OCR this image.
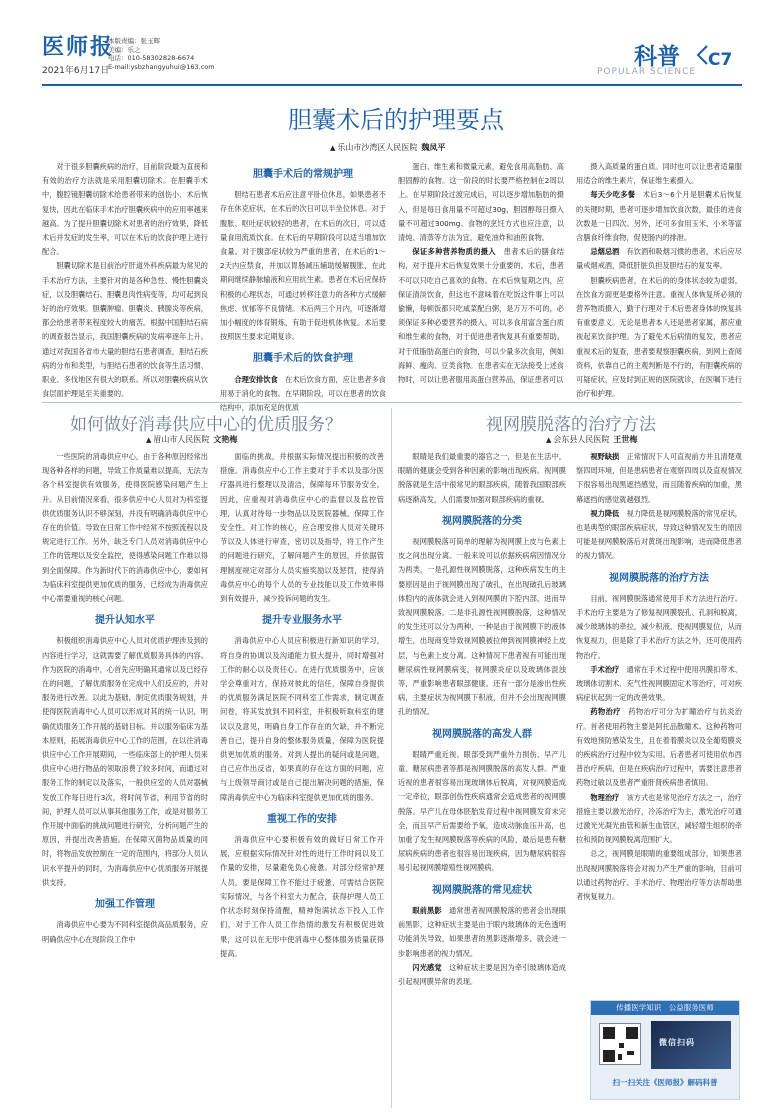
医师报
2021年6月17日
本版责编：张玉辉
美编：乐之
电话：010-58302828-6674
E-mail:ysbzhangyuhui@163.com	科普 C7
POPULAR SCIENCE
胆囊术后的护理要点
▲ 乐山市沙湾区人民医院 魏凤平

对于很多胆囊疾病的治疗，目前阶段最为直接和有效的治疗方法就是采用胆囊切除术。在胆囊手术中，腹腔镜胆囊切除术给患者带来的创伤小、术后恢复快，因此在临床手术治疗胆囊疾病中的应用率越来越高。为了提升胆囊切除术对患者的治疗效果，降低术后并发症的发生率，可以在术后的饮食护理上进行配合。

胆囊切除术是目前治疗肝道外科疾病最为常见的手术治疗方法，主要针对的是各种急性、慢性胆囊炎症，以及胆囊结石、胆囊息肉性病变等，均可起到良好的治疗效果。胆囊肿瘤、胆囊炎、胰腺炎等疾病，都会给患者带来程度较大的痛苦。根据中国胆结石病的调查报告显示，我国胆囊疾病的发病率逐年上升。通过对我国各省市大量的胆结石患者调查，胆结石疾病的分布和类型，与胆结石患者的饮食等生活习惯、职业、多伐地区有很大的联系。所以对胆囊疾病从饮食层面护理是至关重要的。

胆囊手术后的常规护理

胆结石患者术后应注意平卧位休息，如果患者不存在休克症状，在术后的次日可以半坐位休息。对于腹胀、呕吐症状较轻的患者，在术后的次日，可以适量食用流质饮食。在术后的早期阶段可以适当增加饮食量。对于腹部症状较为严重的患者，在术后的1～2天内应禁食，并加以胃肠减压辅助缓解腹胀，在此期间继续静脉输液和应用抗生素。患者在术后应保持积极的心理状态，可通过转移注意力的各种方式缓解焦虑、忧郁等不良情绪。术后两三个月内，可逐渐增加小幅度的体育锻炼，有助于促进机体恢复。术后要按照医生要求定期复诊。

胆囊手术后的饮食护理

合理安排饮食　在术后饮食方面，应让患者多食用易于消化的食物。在早期阶段，可以在患者的饮食结构中，添加充足的优质

蛋白、维生素和微量元素，避免食用高脂肪、高胆固醇的食物。这一阶段的时长要严格控制在2周以上。在早期阶段过渡完成后，可以逐步增加脂肪的摄入，但是每日食用量不可超过30g，胆固醇每日摄入量不可超过300mg。食物的烹饪方式也应注意，以清炖、清蒸等方法为宜，避免油炸和油煎食物。

保证多种营养物质的摄入　患者术后的膳食结构，对于提升术后恢复效果十分重要的。术后，患者不可以只吃自己喜欢的食物。在术后恢复期之内，应保证清淡饮食，但这也不意味着在吃饭这件事上可以偷懒，每顿饭都只吃咸菜配白粥，是万万不可的，必须保证多种必要营养的摄入。可以多食用富含蛋白质和维生素的食物，对于促进患者恢复具有重要帮助。对于低脂肪高蛋白的食物，可以少量多次食用，例如海鲜、瘦肉、豆类食物。在患者实在无法接受上述食物时，可以让患者服用高蛋白营养品，保证患者可以

摄入高质量的蛋白质。同时也可以让患者适量服用适合的维生素片，保证维生素摄入。

每天少吃多餐　术后3～6个月是胆囊术后恢复的关键时期，患者可逐步增加饮食次数，最佳的进食次数是一日四次。另外，还可多食用玉米、小米等富含膳食纤维食物，促使肠内的排泄。

忌烟忌酒　有饮酒和吸烟习惯的患者，术后应尽量戒烟戒酒，降低肝脏负担及胆结石的复发率。

胆囊疾病患者，在术后的的身体状态较为虚弱，在饮食方面更是要格外注意。重视人体恢复所必须的营养物质摄入，勤于行理对于术后患者身体的恢复具有重要意义。无论是患者本人还是患者家属，都应重视起来饮食护理。为了避免术后病情的复发，患者应重视术后的复查，患者要观察胆囊疾病，到网上查阅资料，依靠自己的主观判断是不行的，有胆囊疾病的可疑症状，应及时到正规的医院就诊，在医嘱下进行治疗和护理。

如何做好消毒供应中心的优质服务？
▲ 眉山市人民医院 文艳梅

一些医院的消毒供应中心，由于各种原因经常出现各种各样的问题，导致工作质量难以提高，无法为各个科室提供有效服务，使得医院感染问题产生上升。从目前情况来看，很多供应中心人员对为科室提供优质服务认识不够深刻，并没有明确消毒供应中心存在的价值。导致在日常工作中经常不按照流程以及规定进行工作。另外，缺乏专门人员对消毒供应中心工作的管理以及安全监控，使得感染问题工作难以得到全面保障。作为新时代下的消毒供应中心，要如何为临床科室提供更加优质的服务，已经成为消毒供应中心需要重视的核心问题。

提升认知水平

积极组织消毒供应中心人员对优质护理涉及到的内容进行学习，这就需要了解优质服务具体的内容。作为医院的消毒中，心首先应明确其通常以及已经存在的问题，了解优质服务在完成中人们反应的，并对服务进行改善。以此为基础，制定优质服务规划，并使得医院消毒中心人员可以形成对其的统一认识，明确优质服务工作开展的基础目标。并以服务临床为基本原则，拓展消毒供应中心工作的范围，在以往消毒供应中心工作开展期间，一些临床部上的护理人员来供应中心进行物品的领取浪费了较多时间，而通过对服务工作的制定以及落实，一般供应室的人员对器械发放工作每日进行3次，将时间节省，利用节省的时间，护理人员可以从事其他服务工作，或是对服务工作开展中面临的挑战问题进行研究，分析问题产生的原因，并提出改善措施。在保障灭菌物品质量的同时，将物品发放控制在一定的范围内，将部分人员认识水平提升的同时，为消毒供应中心优质服务开展提供支持。

加强工作管理

消毒供应中心要为不同科室提供高品质服务，应明确供应中心在现阶段工作中

面临的挑战，并根据实际情况提出积极的改善措施。消毒供应中心工作主要对于手术以及部分医疗器具进行整理以及清洁，保障每环节服务安全。因此，应重视对消毒供应中心的监督以及监控管理，认真对待每一步物品以及医院器械，保障工作安全性。对工作的核心，应合理安排人员对关键环节以及人体进行审查，密切以及指导，将工作产生的问题进行研究，了解问题产生的原因，并依据管理制度规定对部分人员实施奖励以及惩罚，使得消毒供应中心的每个人员的专业技能以及工作效率得到有效提升，减少投诉问题的发生。

提升专业服务水平

消毒供应中心人员应积极进行新知识的学习，将自身的协调以及沟通能力很大提升，同时增强对工作的耐心以及责任心。在进行优质服务中，应该学会尊重对方，保持对彼此的信任，保障自身提供的优质服务满足医院不同科室工作需求，制定调查问卷，将其发放到不同科室，并积极听取科室的建议以及意见，明确自身工作存在的欠缺，并不断完善自己，提升自身的整体服务质量，保障为医院提供更加优质的服务。对到人提出的疑问或是问题，自己应作出反省，如果真的存在这方面的问题，应与上级领导商讨或是自己提出解决问题的措施，保障消毒供应中心为临床科室提供更加优质的服务。

重视工作的安排

消毒供应中心要积极有效的做好日常工作开展，应根据实际情况针对性的进行工作时间以及工作量的安排，尽量避免负心疲惫。对部分经常护理人员，要是保障工作不能过于疲惫，可需结合医院实际情况，与各个科室大力配合，获得护理人员工作状态时刻保持清醒，精神饱满状态下投入工作们，对于工作人员工作热情的激发有积极促进效果，这可以在无形中使消毒中心整体服务质量获得提高。

视网膜脱落的治疗方法
▲ 会东县人民医院 王世梅

眼睛是我们最重要的器官之一，但是在生活中，眼睛的健康会受到各种因素的影响出现疾病。视网膜脱落就是生活中很常见的眼部疾病，随着我国眼部疾病逐渐高发，人们需要加强对眼部疾病的重视。

视网膜脱落的分类

视网膜脱落可简单的理解为视网膜上皮与色素上皮之间出现分离。一般来说可以依据疾病病因情况分为两类，一是孔源性视网膜脱落，这种疾病发生的主要原因是由于视网膜出现了破孔，在出现破孔后玻璃体腔内的液体就会进入到视网膜的下腔内部，进而导致视网膜脱落。二是非孔源性视网膜脱落，这种情况的发生还可以分为两种，一种是由于视网膜下的液体增生，出现商变导致视网膜被拉伸到视网膜神经上皮层，与色素上皮分离。这种情况下患者视有可能出现糖尿病性视网膜病变，视网膜炎症以及玻璃体混浊等，严重影响患者眼部健康。还有一部分是渗出性疾病，主要症状为视网膜下积液，但并不会出现视网膜孔的情况。

视网膜脱落的高发人群

眼睛严重近视、眼部受到严重外力损伤、早产儿童、糖尿病患者等都是视网膜脱落的高发人群。严重近视的患者很容易出现玻璃体后脱离，对视网膜造成一定牵拉，眼部创伤性疾病通常会造成患者的视网膜脱落。早产儿在母体胚胎发育过程中视网膜发育未完全，而且早产后需要给予氧，造成动脉血压升高，也加重了发生视网膜脱落等疾病的风险，最后是患有糖尿病疾病的患者也很容易出现疾病，因为糖尿病很容易引起视网膜增殖性视网膜病。

视网膜脱落的常见症状

眼前黑影　通常患者视网膜脱落的患者会出现眼前黑影，这种症状主要是由于眼内玻璃体的无色透明功能消失导致，如果患者的黑影逐渐增多，就会进一步影响患者的视力情况。

闪光感觉　这种症状主要是因为牵引玻璃体造成引起视网膜异常的表现。

视野缺损　正常情况下人可直视前方并且清楚观察四周环境，但是患病患者在观察四周以及直视情况下很容易出现黑遮挡感觉，而且随着疾病的加重，黑幕遮挡的感觉就越强烈。

视力降低　视力降低是视网膜脱落的常见症状，也是典型的眼部疾病症状，导致这种情况发生的原因可能是视网膜脱落后对黄斑出现影响，进而降低患者的视力情况。

视网膜脱落的治疗方法

目前，视网膜脱落通常使用手术方法进行治疗。手术治疗主要是为了修复视网膜裂孔、孔洞和脱离，减少玻璃体的牵拉，减少积液，使视网膜复位，从而恢复视力，但是除了手术治疗方法之外，还可使用药物治疗。

手术治疗　通常在手术过程中使用巩膜扣带术、玻璃体切割术、充气性视网膜固定术等治疗，可对疾病症状起到一定的改善效果。

药物治疗　药物治疗可分为扩瞳治疗与抗炎治疗。首者使用药物主要是阿托品散瞳术。这种药物可有效地预防感染发生，且在着着膜炎以及全葡萄膜炎的疾病治疗过程中较为实用。后者患者可使用依布西普治疗疾病，但是在疾病治疗过程中，需要注意患者药物过敏以及患者严重肝肾疾病患者慎用。

物理治疗　该方式也是常见治疗方法之一，治疗措施主要以激光治疗，冷冻治疗为主，激光治疗可通过激光光凝光曲管和新生血管区，减轻增生组织的牵拉和预防视网膜脱离范围扩大。

总之，视网膜是眼睛的重要组成部分，如果患者出现视网膜脱落将会对视力产生严重的影响，目前可以通过药物治疗、手术治疗、物理治疗等方法帮助患者恢复视力。

传播医学知识　公益服务医师
微信扫码
扫一扫关注《医师报》解码科普
